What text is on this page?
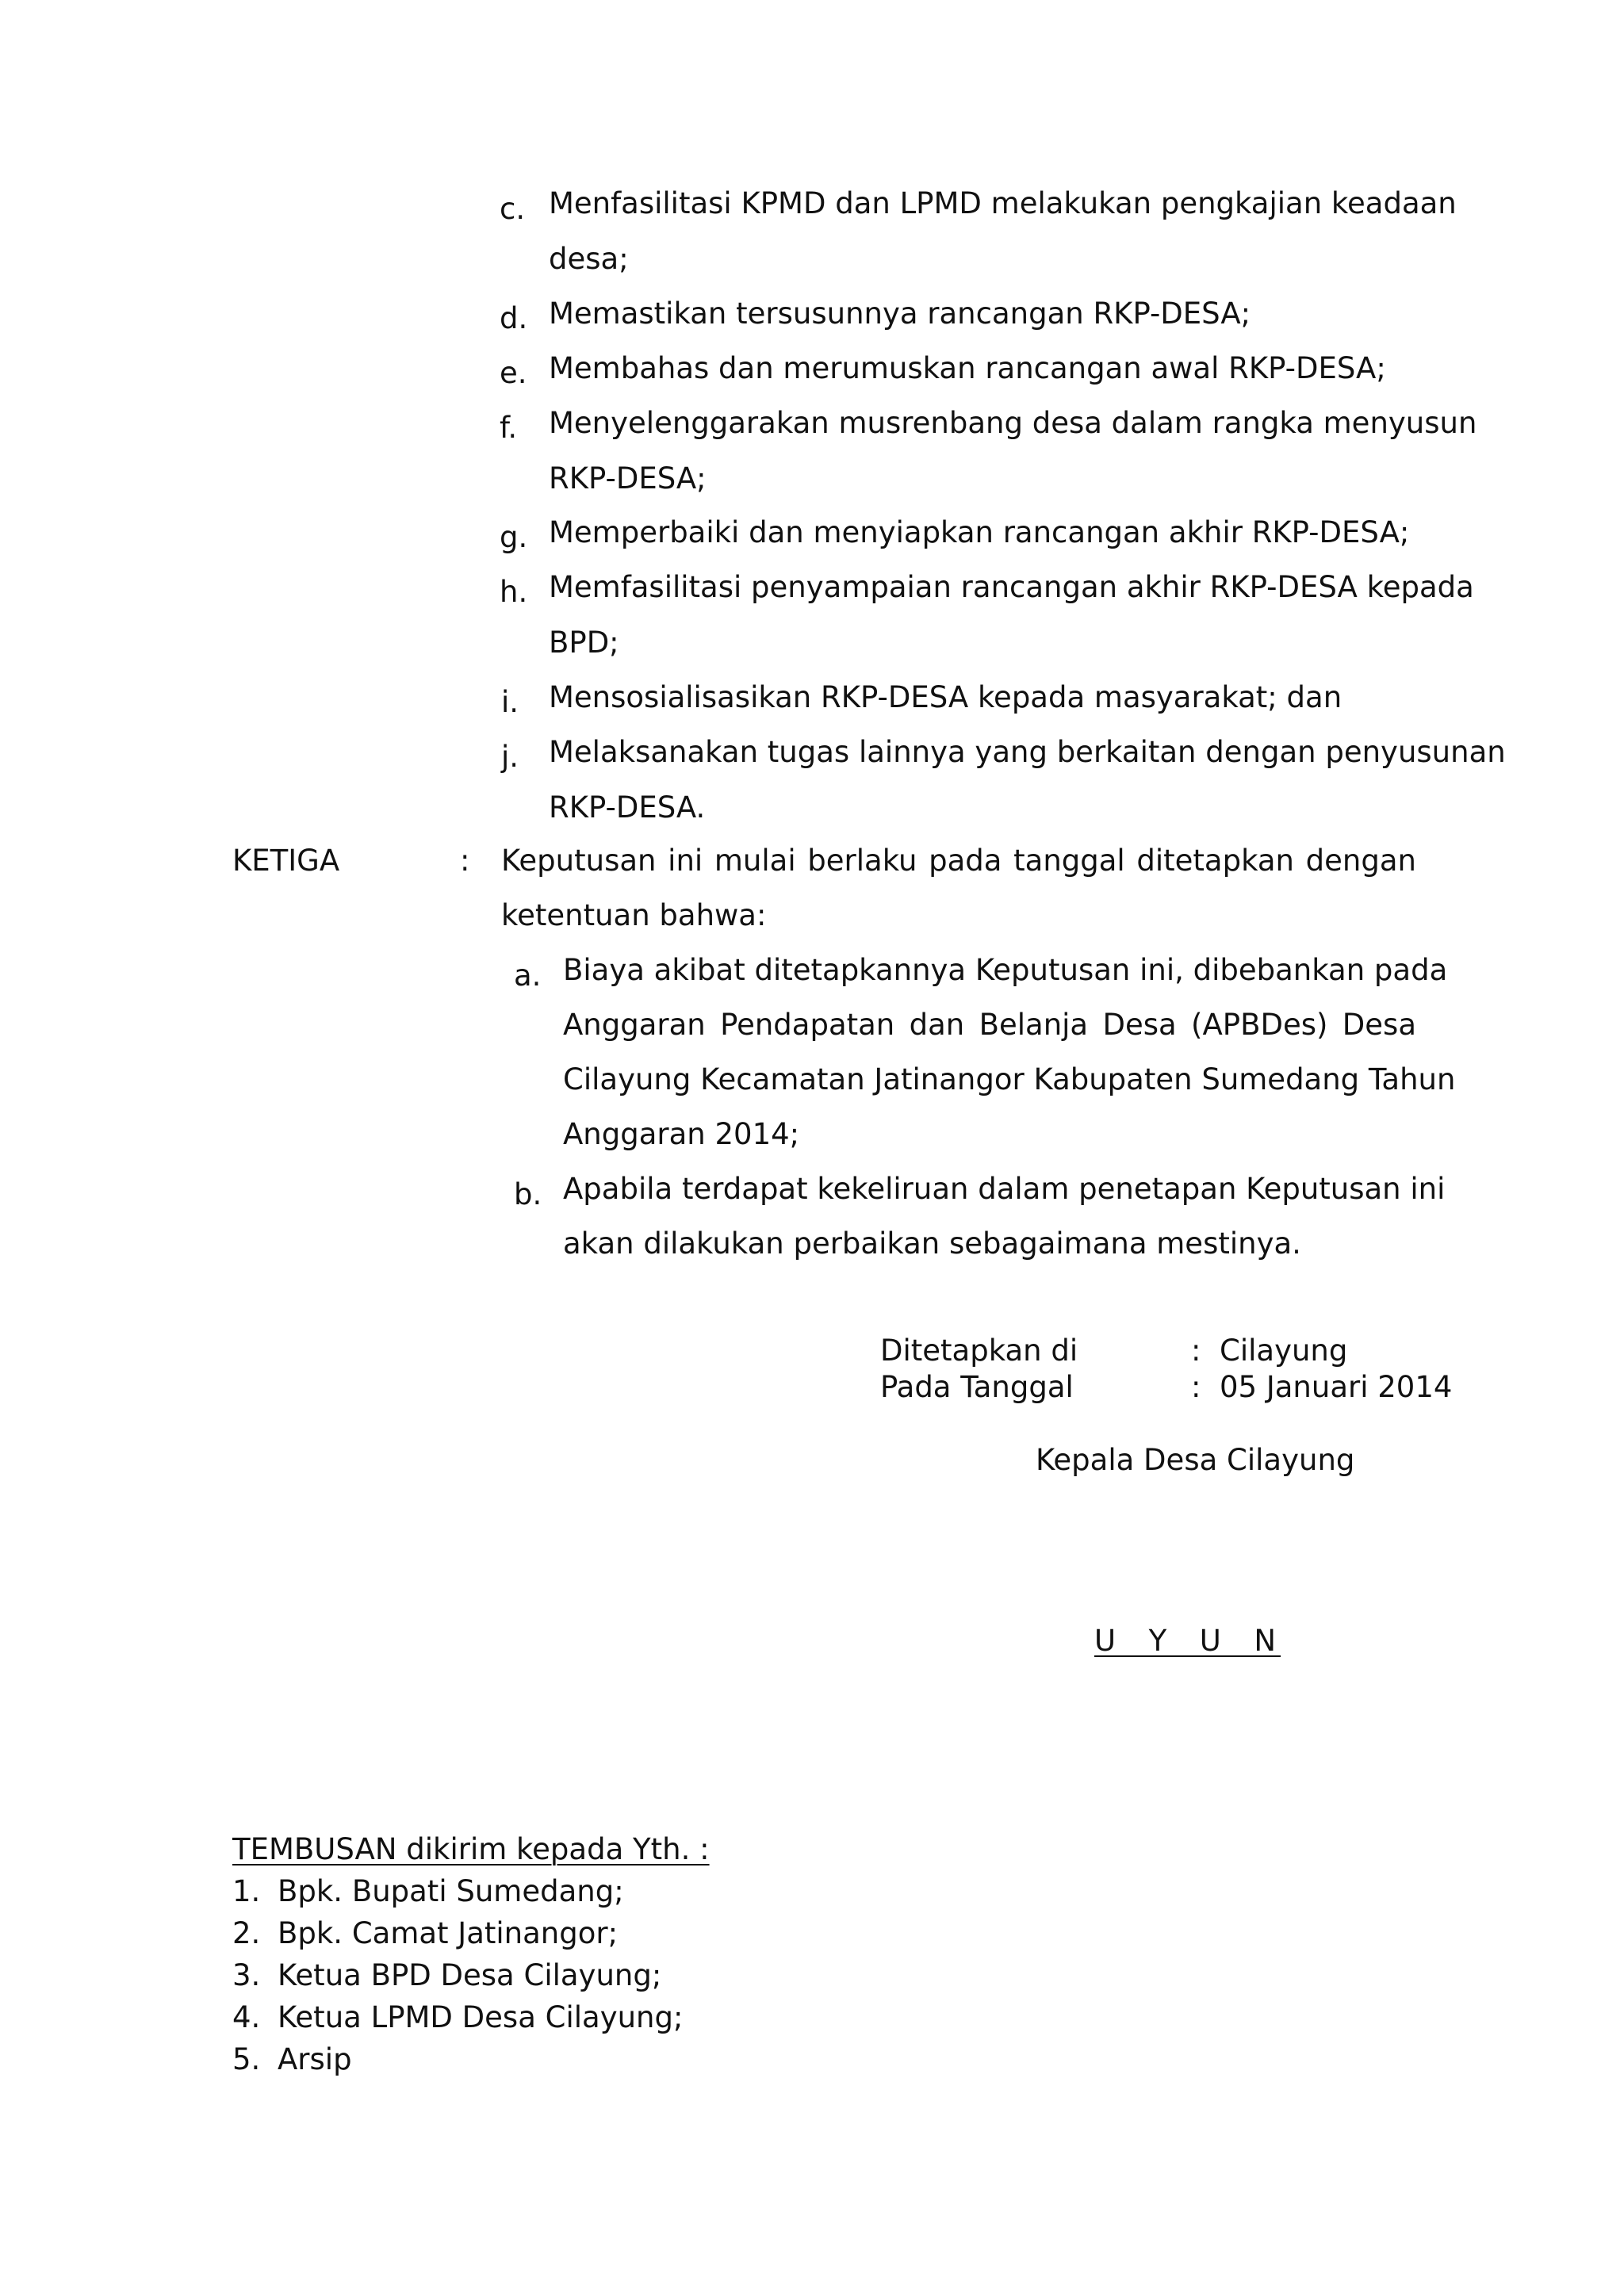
c. Menfasilitasi KPMD dan LPMD melakukan pengkajian keadaan
desa;
d. Memastikan tersusunnya rancangan RKP-DESA;
e. Membahas dan merumuskan rancangan awal RKP-DESA;
f. Menyelenggarakan musrenbang desa dalam rangka menyusun
RKP-DESA;
g. Memperbaiki dan menyiapkan rancangan akhir RKP-DESA;
h. Memfasilitasi penyampaian rancangan akhir RKP-DESA kepada
BPD;
i. Mensosialisasikan RKP-DESA kepada masyarakat; dan
j. Melaksanakan tugas lainnya yang berkaitan dengan penyusunan
RKP-DESA.
KETIGA	: Keputusan ini mulai berlaku pada tanggal ditetapkan dengan
ketentuan bahwa:
a. Biaya akibat ditetapkannya Keputusan ini, dibebankan pada
Anggaran Pendapatan dan Belanja Desa (APBDes) Desa
Cilayung Kecamatan Jatinangor Kabupaten Sumedang Tahun
Anggaran 2014;
b. Apabila terdapat kekeliruan dalam penetapan Keputusan ini
akan dilakukan perbaikan sebagaimana mestinya.
Ditetapkan di	: Cilayung
Pada Tanggal	: 05 Januari 2014
Kepala Desa Cilayung
U  Y  U  N
TEMBUSAN dikirim kepada Yth. :
1. Bpk. Bupati Sumedang;
2. Bpk. Camat Jatinangor;
3. Ketua BPD Desa Cilayung;
4. Ketua LPMD Desa Cilayung;
5. Arsip
